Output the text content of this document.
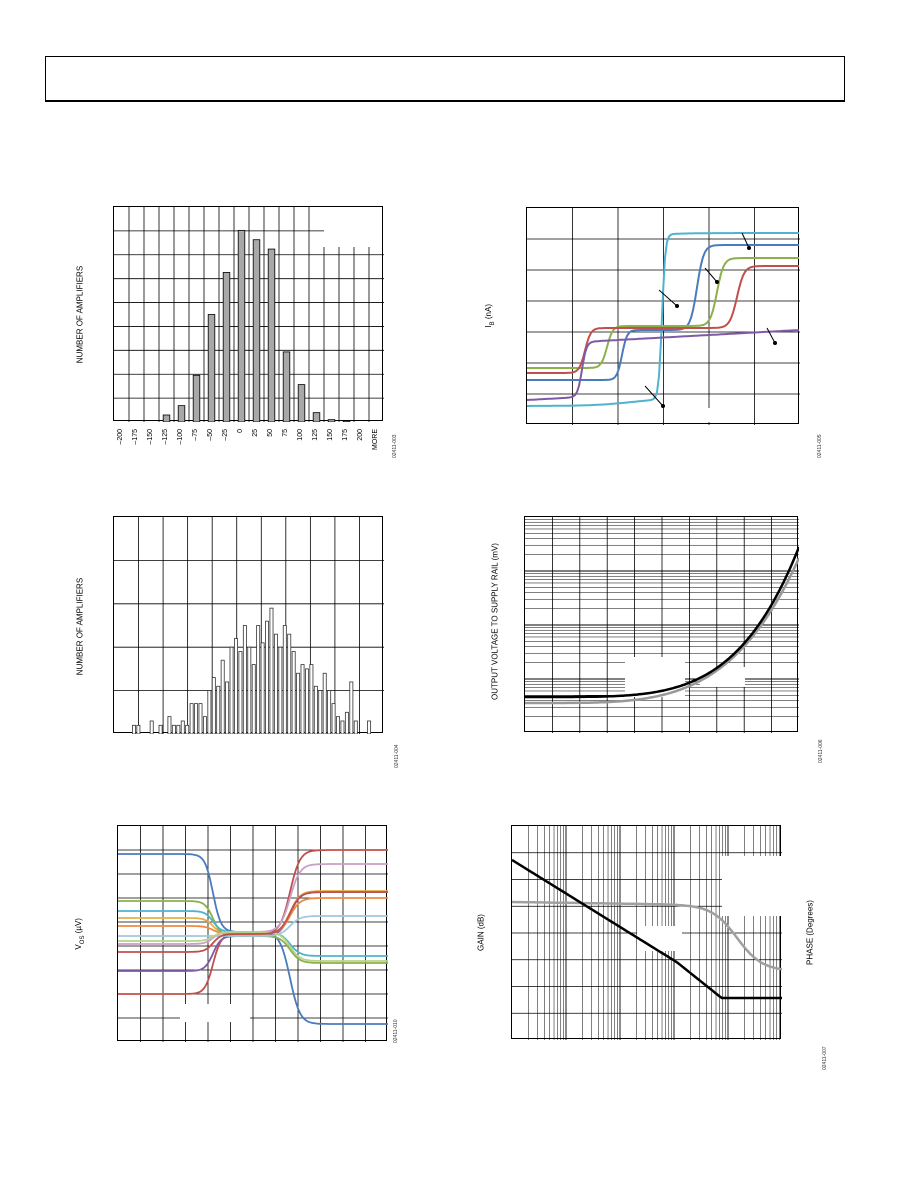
NUMBER OF AMPLIFIERS
–200 –175 –150 –125 –100 –75 –50 –25 0 25 50 75 100 125 150 175 200 MORE	02411-003
$I_B$ (nA)
02411-005
NUMBER OF AMPLIFIERS
02411-004
OUTPUT VOLTAGE TO SUPPLY RAIL (mV)
02411-006
$V_{OS}$ (µV)
02411-010
GAIN (dB)	PHASE (Degrees)
02411-007
